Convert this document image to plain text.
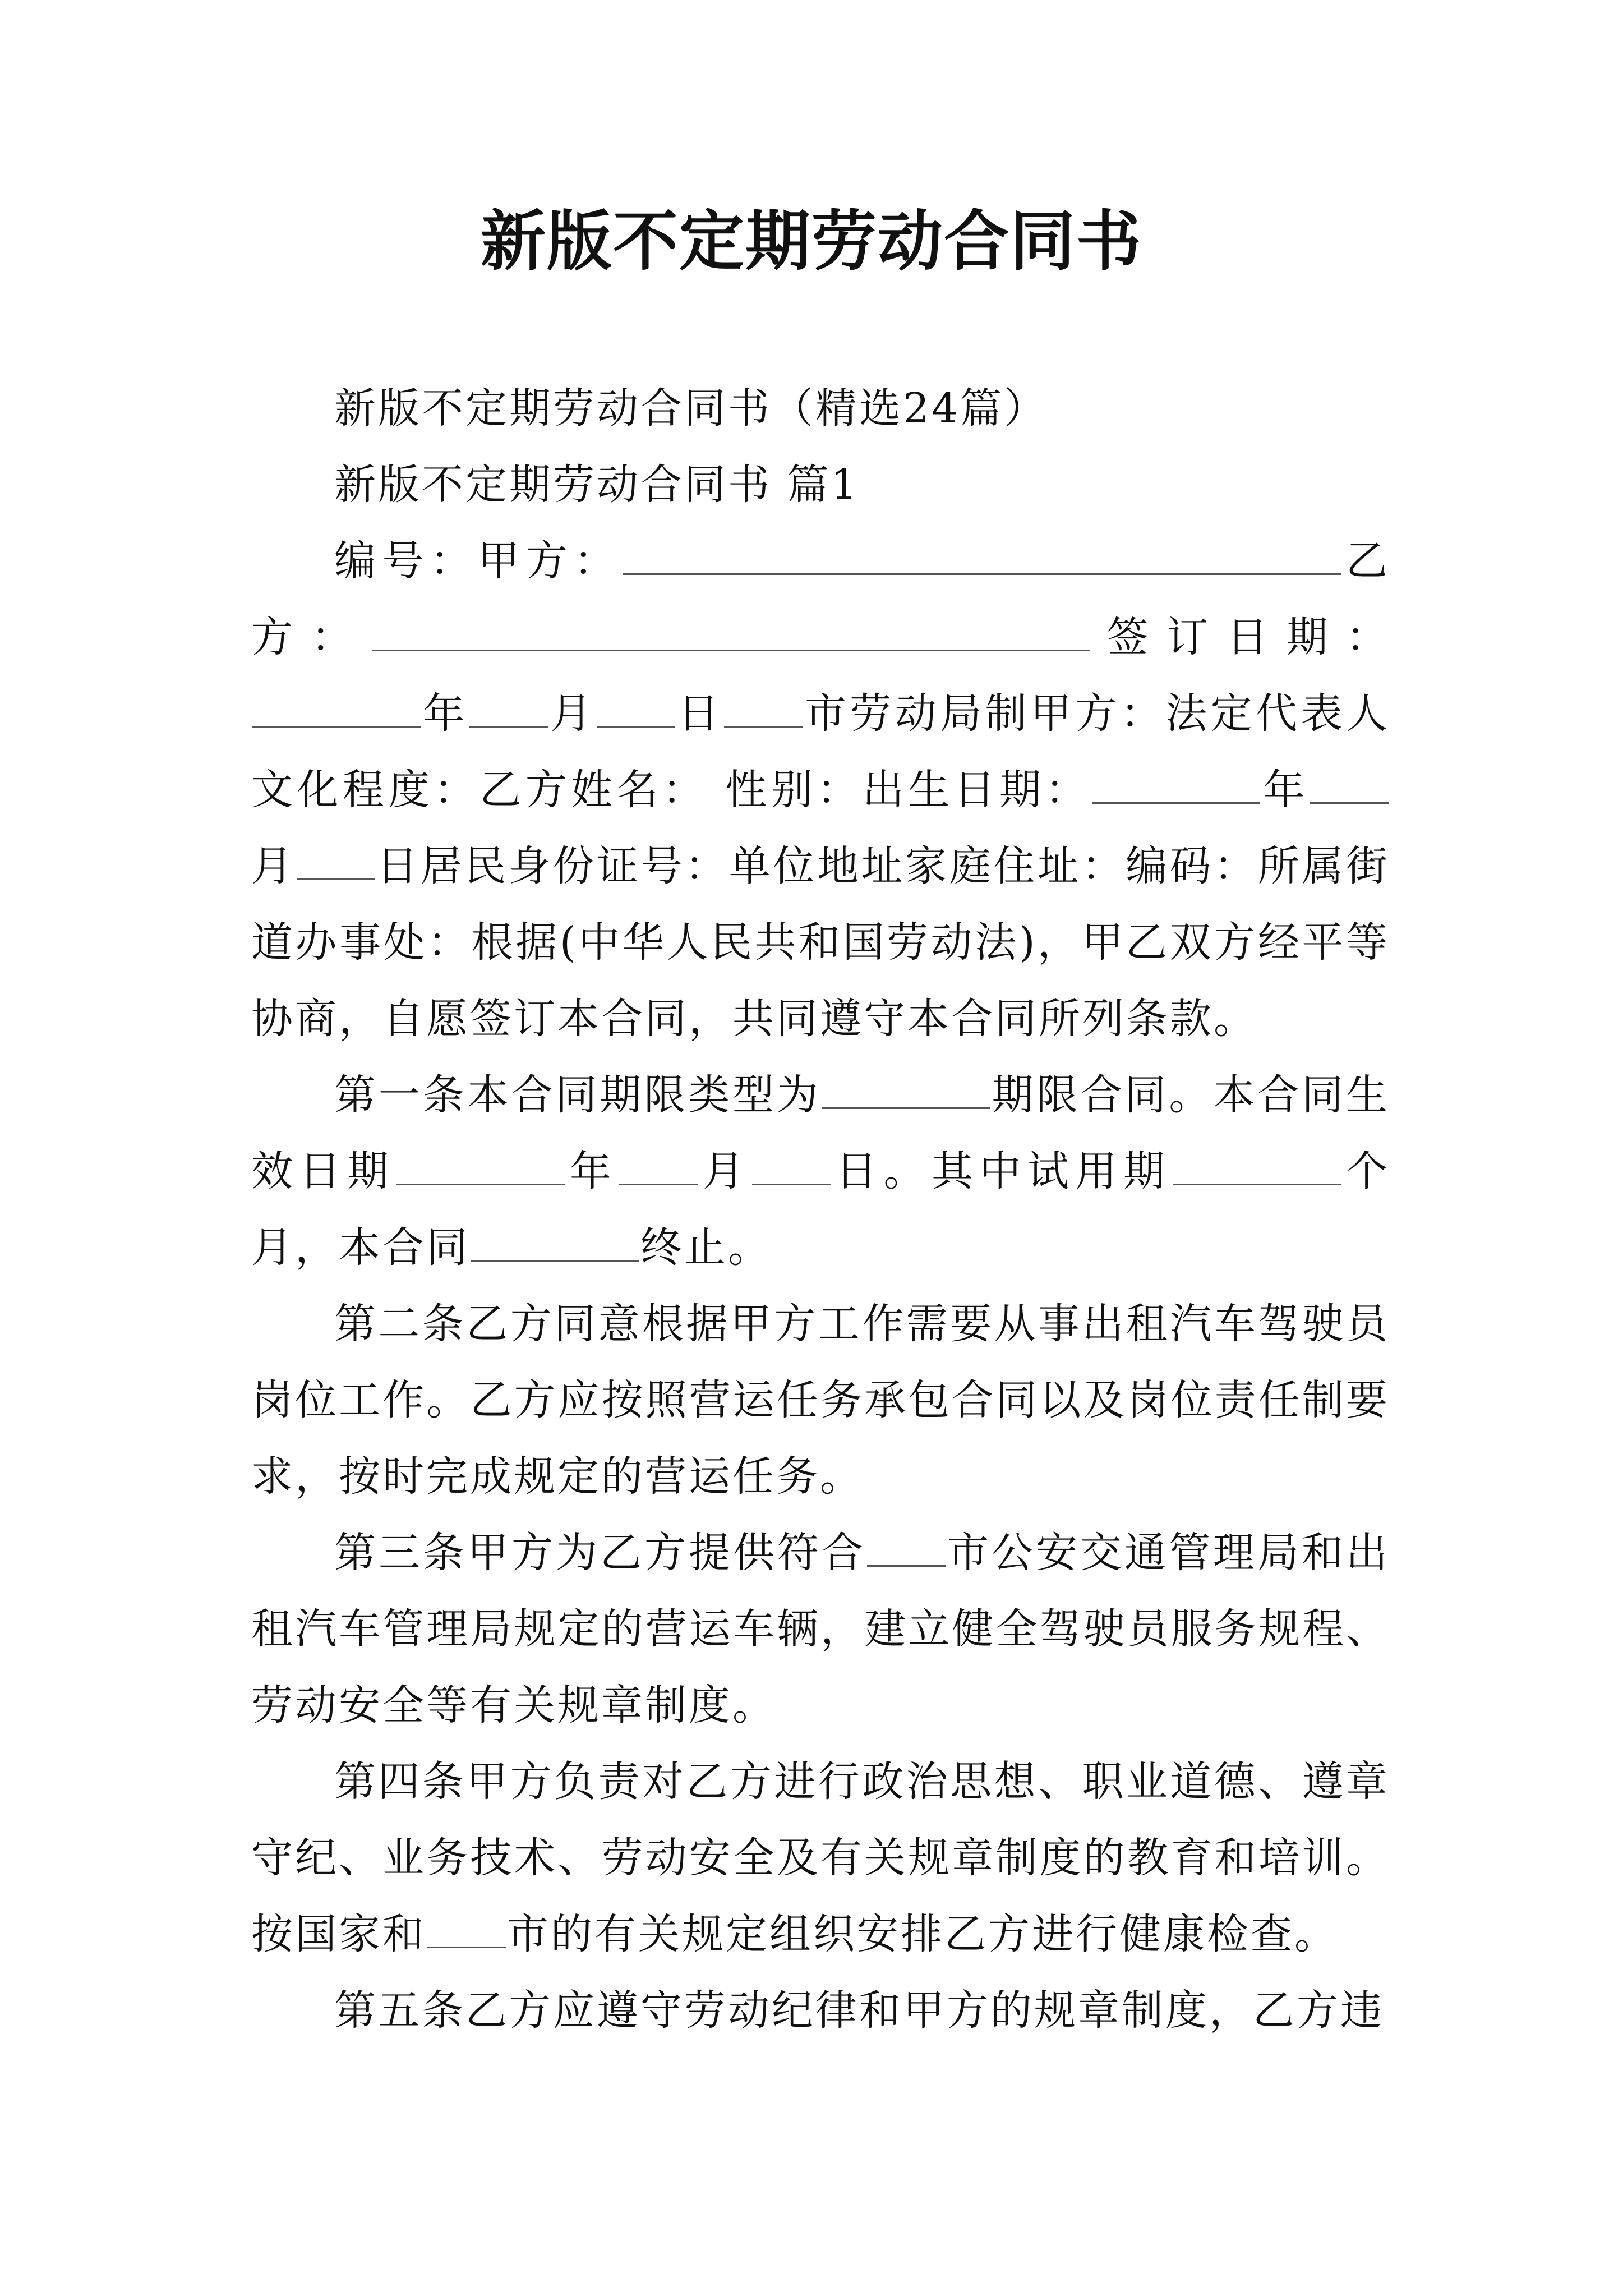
新版不定期劳动合同书

新版不定期劳动合同书（精选24篇）

新版不定期劳动合同书 篇1

编号：甲方：	乙方：	签订日期：年 月 日 市劳动局制甲方：法定代表人文化程度：乙方姓名： 性别：出生日期：	年月 日居民身份证号：单位地址家庭住址：编码：所属街道办事处：根据(中华人民共和国劳动法)，甲乙双方经平等协商，自愿签订本合同，共同遵守本合同所列条款。

第一条本合同期限类型为	期限合同。本合同生效日期	年 月 日。其中试用期	个月，本合同	终止。

第二条乙方同意根据甲方工作需要从事出租汽车驾驶员岗位工作。乙方应按照营运任务承包合同以及岗位责任制要求，按时完成规定的营运任务。

第三条甲方为乙方提供符合 市公安交通管理局和出租汽车管理局规定的营运车辆，建立健全驾驶员服务规程、劳动安全等有关规章制度。

第四条甲方负责对乙方进行政治思想、职业道德、遵章守纪、业务技术、劳动安全及有关规章制度的教育和培训。按国家和 市的有关规定组织安排乙方进行健康检查。

第五条乙方应遵守劳动纪律和甲方的规章制度，乙方违
